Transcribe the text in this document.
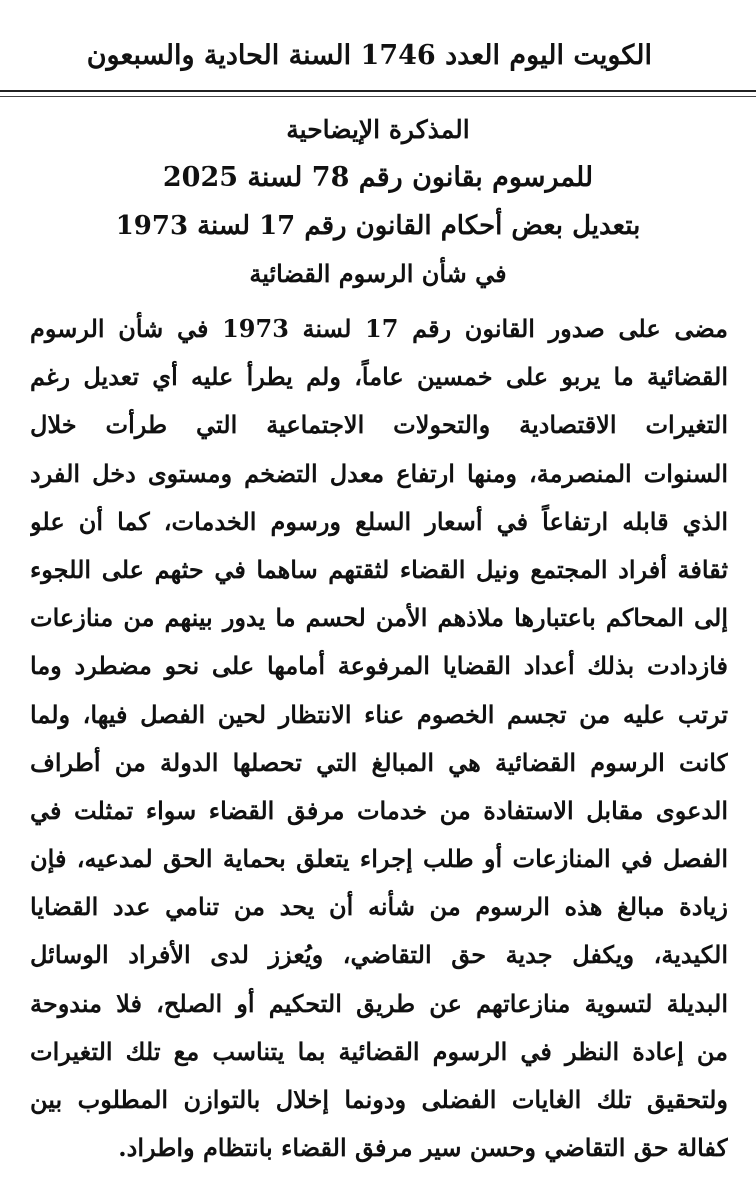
الكويت اليوم العدد 1746 السنة الحادية والسبعون
المذكرة الإيضاحية
للمرسوم بقانون رقم 78 لسنة 2025
بتعديل بعض أحكام القانون رقم 17 لسنة 1973
في شأن الرسوم القضائية
مضى على صدور القانون رقم 17 لسنة 1973 في شأن الرسوم
القضائية ما يربو على خمسين عاماً، ولم يطرأ عليه أي تعديل رغم
التغيرات الاقتصادية والتحولات الاجتماعية التي طرأت خلال
السنوات المنصرمة، ومنها ارتفاع معدل التضخم ومستوى دخل الفرد
الذي قابله ارتفاعاً في أسعار السلع ورسوم الخدمات، كما أن علو
ثقافة أفراد المجتمع ونيل القضاء لثقتهم ساهما في حثهم على اللجوء
إلى المحاكم باعتبارها ملاذهم الأمن لحسم ما يدور بينهم من منازعات
فازدادت بذلك أعداد القضايا المرفوعة أمامها على نحو مضطرد وما
ترتب عليه من تجسم الخصوم عناء الانتظار لحين الفصل فيها، ولما
كانت الرسوم القضائية هي المبالغ التي تحصلها الدولة من أطراف
الدعوى مقابل الاستفادة من خدمات مرفق القضاء سواء تمثلت في
الفصل في المنازعات أو طلب إجراء يتعلق بحماية الحق لمدعيه، فإن
زيادة مبالغ هذه الرسوم من شأنه أن يحد من تنامي عدد القضايا
الكيدية، ويكفل جدية حق التقاضي، ويُعزز لدى الأفراد الوسائل
البديلة لتسوية منازعاتهم عن طريق التحكيم أو الصلح، فلا مندوحة
من إعادة النظر في الرسوم القضائية بما يتناسب مع تلك التغيرات
ولتحقيق تلك الغايات الفضلى ودونما إخلال بالتوازن المطلوب بين
كفالة حق التقاضي وحسن سير مرفق القضاء بانتظام واطراد.
